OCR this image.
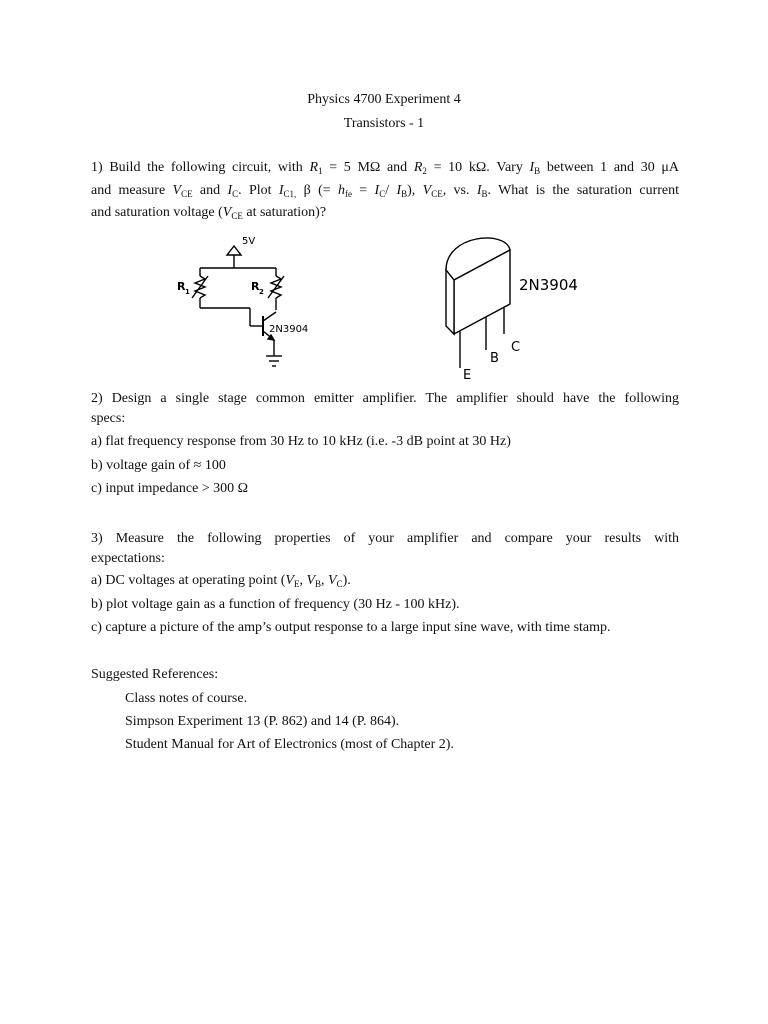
Physics 4700 Experiment 4
Transistors - 1
1) Build the following circuit, with $R_1 = 5$ MΩ and $R_2 = 10$ kΩ. Vary $I_B$ between 1 and 30 μA
and measure $V_{CE}$ and $I_C$. Plot $I_{C1,}$ β (= $h_{fe} = I_C/$ $I_B$), $V_{CE}$, vs. $I_B$. What is the saturation current
and saturation voltage ($V_{CE}$ at saturation)?
5V
R 1	R 2
2N3904
2N3904
E
B
C
2) Design a single stage common emitter amplifier. The amplifier should have the following
specs:
a) flat frequency response from 30 Hz to 10 kHz (i.e. -3 dB point at 30 Hz)
b) voltage gain of ≈ 100
c) input impedance > 300 Ω
3) Measure the following properties of your amplifier and compare your results with
expectations:
a) DC voltages at operating point ($V_E$, $V_B$, $V_C$).
b) plot voltage gain as a function of frequency (30 Hz - 100 kHz).
c) capture a picture of the amp’s output response to a large input sine wave, with time stamp.
Suggested References:
Class notes of course.
Simpson Experiment 13 (P. 862) and 14 (P. 864).
Student Manual for Art of Electronics (most of Chapter 2).
